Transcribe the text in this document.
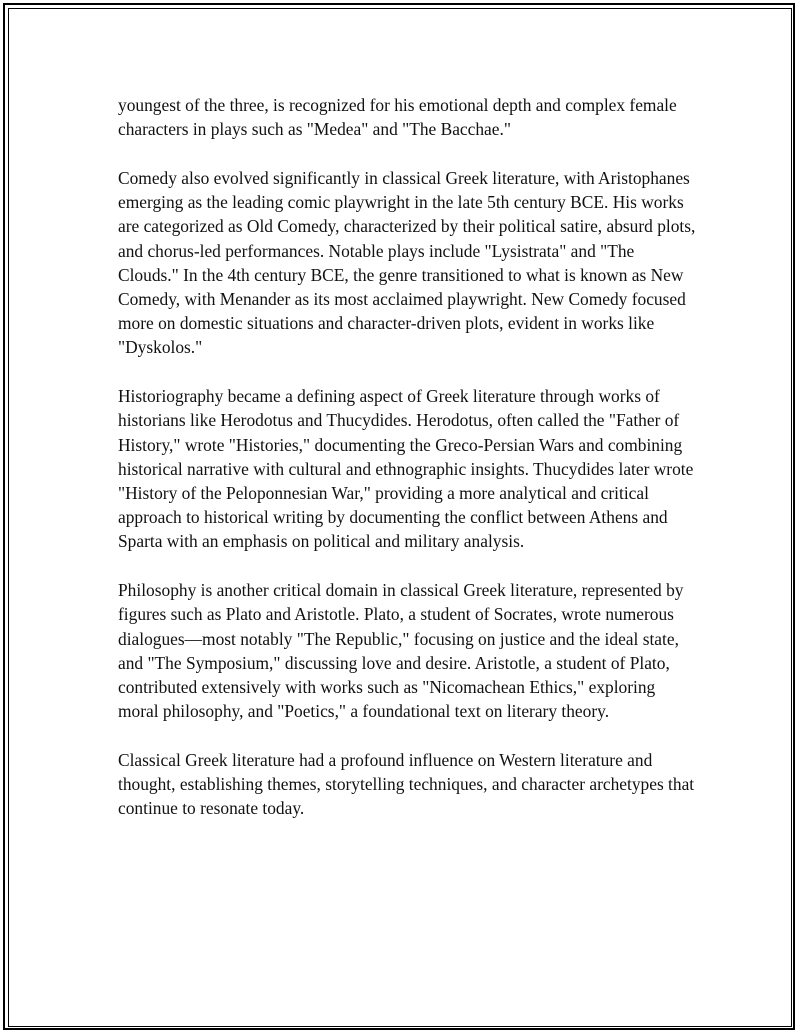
youngest of the three, is recognized for his emotional depth and complex female characters in plays such as "Medea" and "The Bacchae."

Comedy also evolved significantly in classical Greek literature, with Aristophanes emerging as the leading comic playwright in the late 5th century BCE. His works are categorized as Old Comedy, characterized by their political satire, absurd plots, and chorus-led performances. Notable plays include "Lysistrata" and "The Clouds." In the 4th century BCE, the genre transitioned to what is known as New Comedy, with Menander as its most acclaimed playwright. New Comedy focused more on domestic situations and character-driven plots, evident in works like "Dyskolos."

Historiography became a defining aspect of Greek literature through works of historians like Herodotus and Thucydides. Herodotus, often called the "Father of History," wrote "Histories," documenting the Greco-Persian Wars and combining historical narrative with cultural and ethnographic insights. Thucydides later wrote "History of the Peloponnesian War," providing a more analytical and critical approach to historical writing by documenting the conflict between Athens and Sparta with an emphasis on political and military analysis.

Philosophy is another critical domain in classical Greek literature, represented by figures such as Plato and Aristotle. Plato, a student of Socrates, wrote numerous dialogues—most notably "The Republic," focusing on justice and the ideal state, and "The Symposium," discussing love and desire. Aristotle, a student of Plato, contributed extensively with works such as "Nicomachean Ethics," exploring moral philosophy, and "Poetics," a foundational text on literary theory.

Classical Greek literature had a profound influence on Western literature and thought, establishing themes, storytelling techniques, and character archetypes that continue to resonate today.
